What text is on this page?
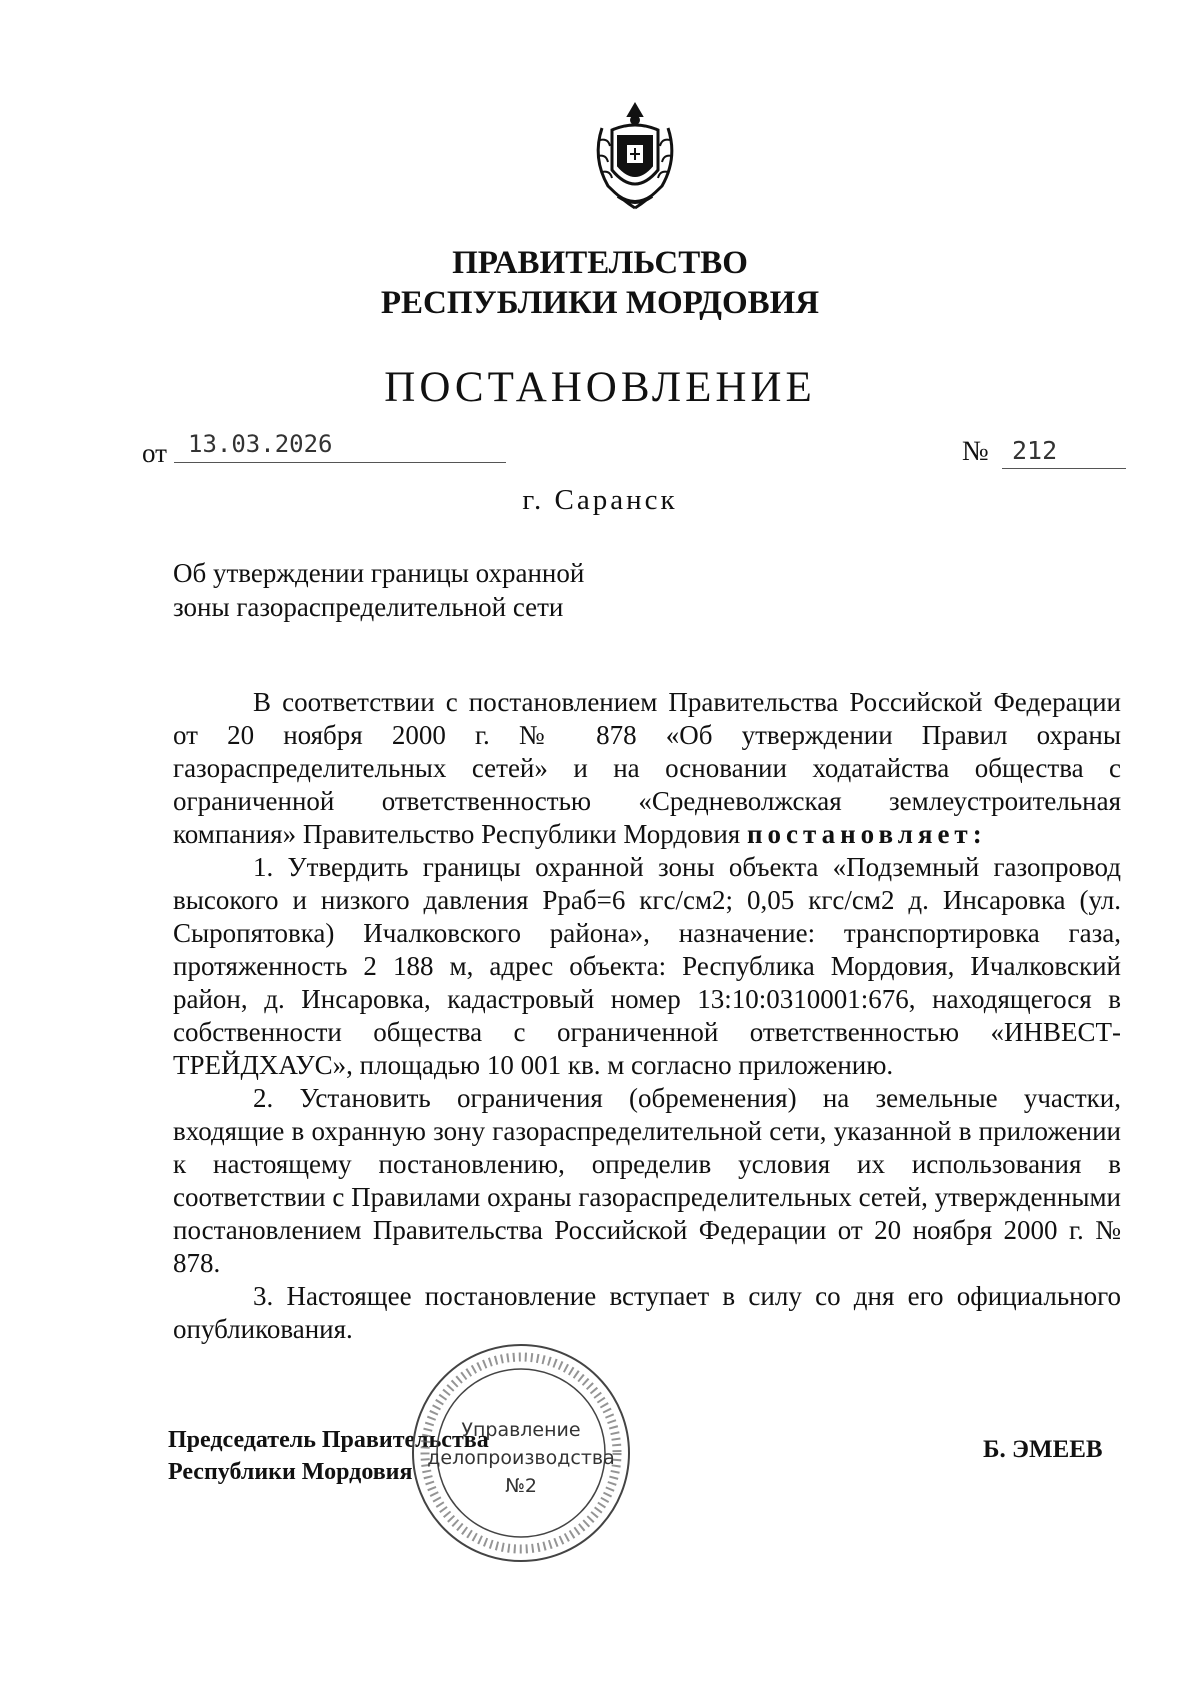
ПРАВИТЕЛЬСТВО
РЕСПУБЛИКИ МОРДОВИЯ
ПОСТАНОВЛЕНИЕ
от 13.03.2026	№ 212
г. Саранск
Об утверждении границы охранной
зоны газораспределительной сети

В соответствии с постановлением Правительства Российской Федерации от 20 ноября 2000 г. № 878 «Об утверждении Правил охраны газораспределительных сетей» и на основании ходатайства общества с ограниченной ответственностью «Средневолжская землеустроительная компания» Правительство Республики Мордовия постановляет:

1. Утвердить границы охранной зоны объекта «Подземный газопровод высокого и низкого давления Рраб=6 кгс/см2; 0,05 кгс/см2 д. Инсаровка (ул. Сыропятовка) Ичалковского района», назначение: транспортировка газа, протяженность 2 188 м, адрес объекта: Республика Мордовия, Ичалковский район, д. Инсаровка, кадастровый номер 13:10:0310001:676, находящегося в собственности общества с ограниченной ответственностью «ИНВЕСТ-ТРЕЙДХАУС», площадью 10 001 кв. м согласно приложению.

2. Установить ограничения (обременения) на земельные участки, входящие в охранную зону газораспределительной сети, указанной в приложении к настоящему постановлению, определив условия их использования в соответствии с Правилами охраны газораспределительных сетей, утвержденными постановлением Правительства Российской Федерации от 20 ноября 2000 г. № 878.

3. Настоящее постановление вступает в силу со дня его официального опубликования.

Председатель Правительства
Республики Мордовия
Б. ЭМЕЕВ
Управление
делопроизводства
№2
